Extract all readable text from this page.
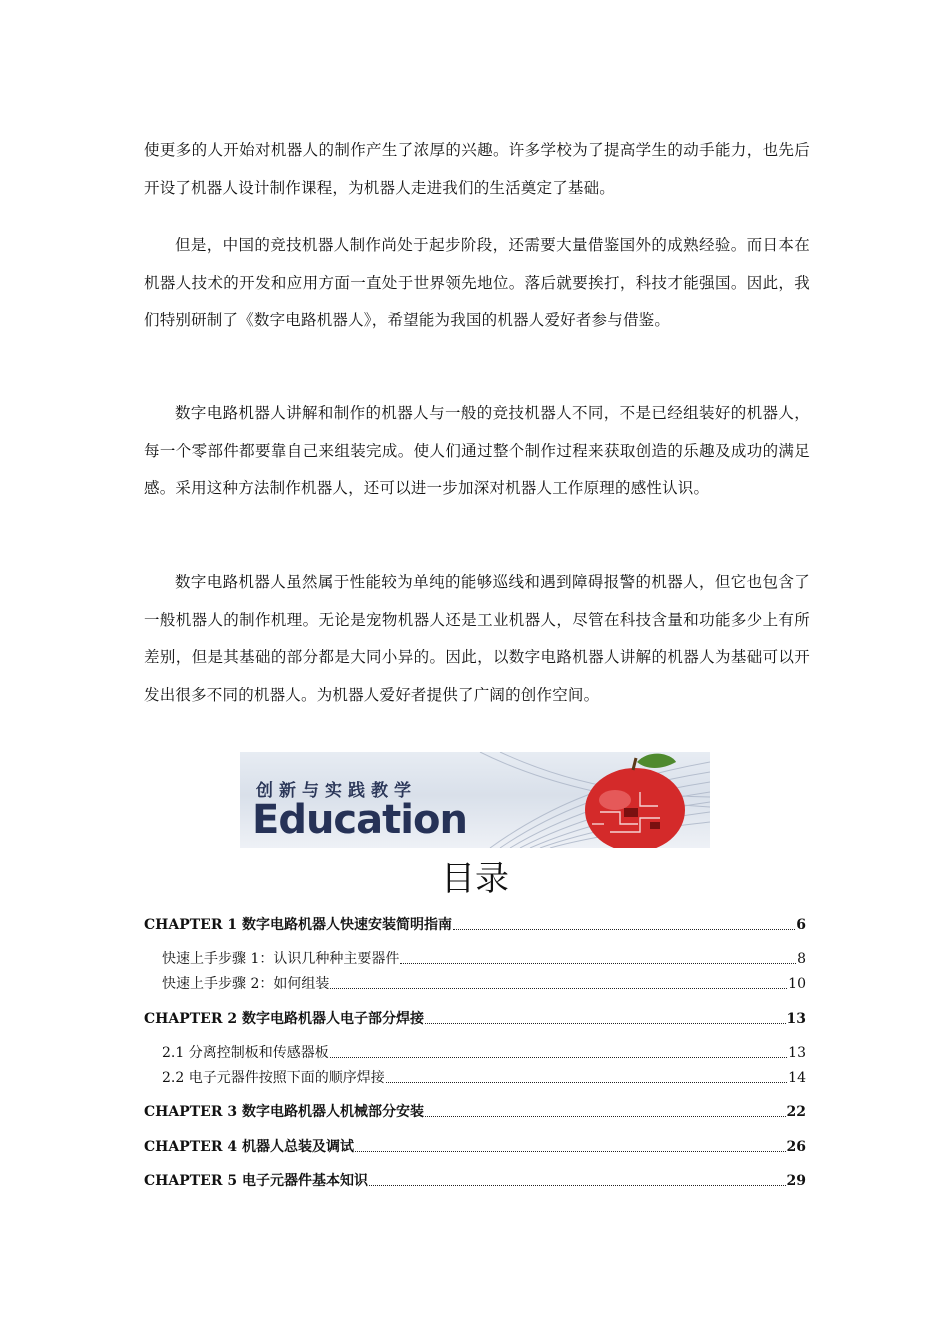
使更多的人开始对机器人的制作产生了浓厚的兴趣。许多学校为了提高学生的动手能力，也先后开设了机器人设计制作课程，为机器人走进我们的生活奠定了基础。

但是，中国的竞技机器人制作尚处于起步阶段，还需要大量借鉴国外的成熟经验。而日本在机器人技术的开发和应用方面一直处于世界领先地位。落后就要挨打，科技才能强国。因此，我们特别研制了《数字电路机器人》，希望能为我国的机器人爱好者参与借鉴。

数字电路机器人讲解和制作的机器人与一般的竞技机器人不同，不是已经组装好的机器人，每一个零部件都要靠自己来组装完成。使人们通过整个制作过程来获取创造的乐趣及成功的满足感。采用这种方法制作机器人，还可以进一步加深对机器人工作原理的感性认识。

数字电路机器人虽然属于性能较为单纯的能够巡线和遇到障碍报警的机器人，但它也包含了一般机器人的制作机理。无论是宠物机器人还是工业机器人，尽管在科技含量和功能多少上有所差别，但是其基础的部分都是大同小异的。因此，以数字电路机器人讲解的机器人为基础可以开发出很多不同的机器人。为机器人爱好者提供了广阔的创作空间。

创新与实践教学
Education
目录
CHAPTER 1 数字电路机器人快速安装简明指南	6
快速上手步骤 1：认识几种种主要器件	8
快速上手步骤 2：如何组装	10
CHAPTER 2 数字电路机器人电子部分焊接	13
2.1 分离控制板和传感器板	13
2.2 电子元器件按照下面的顺序焊接	14
CHAPTER 3 数字电路机器人机械部分安装	22
CHAPTER 4 机器人总装及调试	26
CHAPTER 5 电子元器件基本知识	29
